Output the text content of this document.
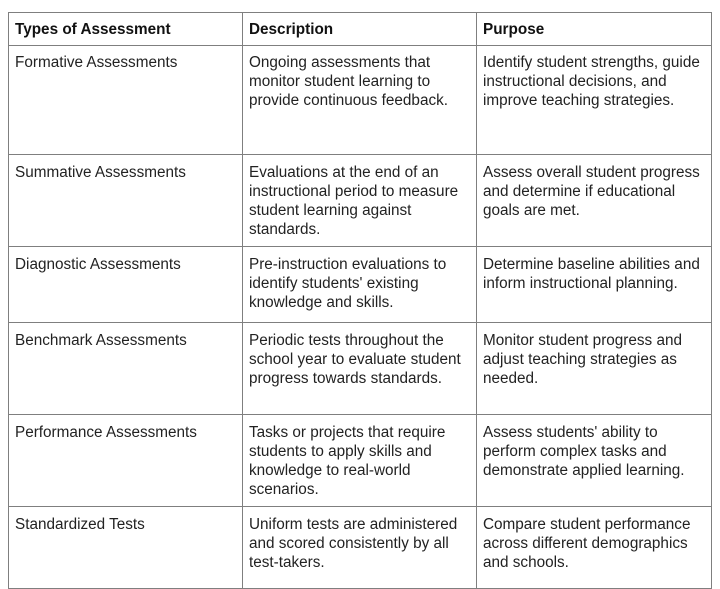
Types of Assessment	Description	Purpose
Formative Assessments	Ongoing assessments that monitor student learning to provide continuous feedback.	Identify student strengths, guide instructional decisions, and improve teaching strategies.
Summative Assessments	Evaluations at the end of an instructional period to measure student learning against standards.	Assess overall student progress and determine if educational goals are met.
Diagnostic Assessments	Pre-instruction evaluations to identify students' existing knowledge and skills.	Determine baseline abilities and inform instructional planning.
Benchmark Assessments	Periodic tests throughout the school year to evaluate student progress towards standards.	Monitor student progress and adjust teaching strategies as needed.
Performance Assessments	Tasks or projects that require students to apply skills and knowledge to real-world scenarios.	Assess students' ability to perform complex tasks and demonstrate applied learning.
Standardized Tests	Uniform tests are administered and scored consistently by all test-takers.	Compare student performance across different demographics and schools.
